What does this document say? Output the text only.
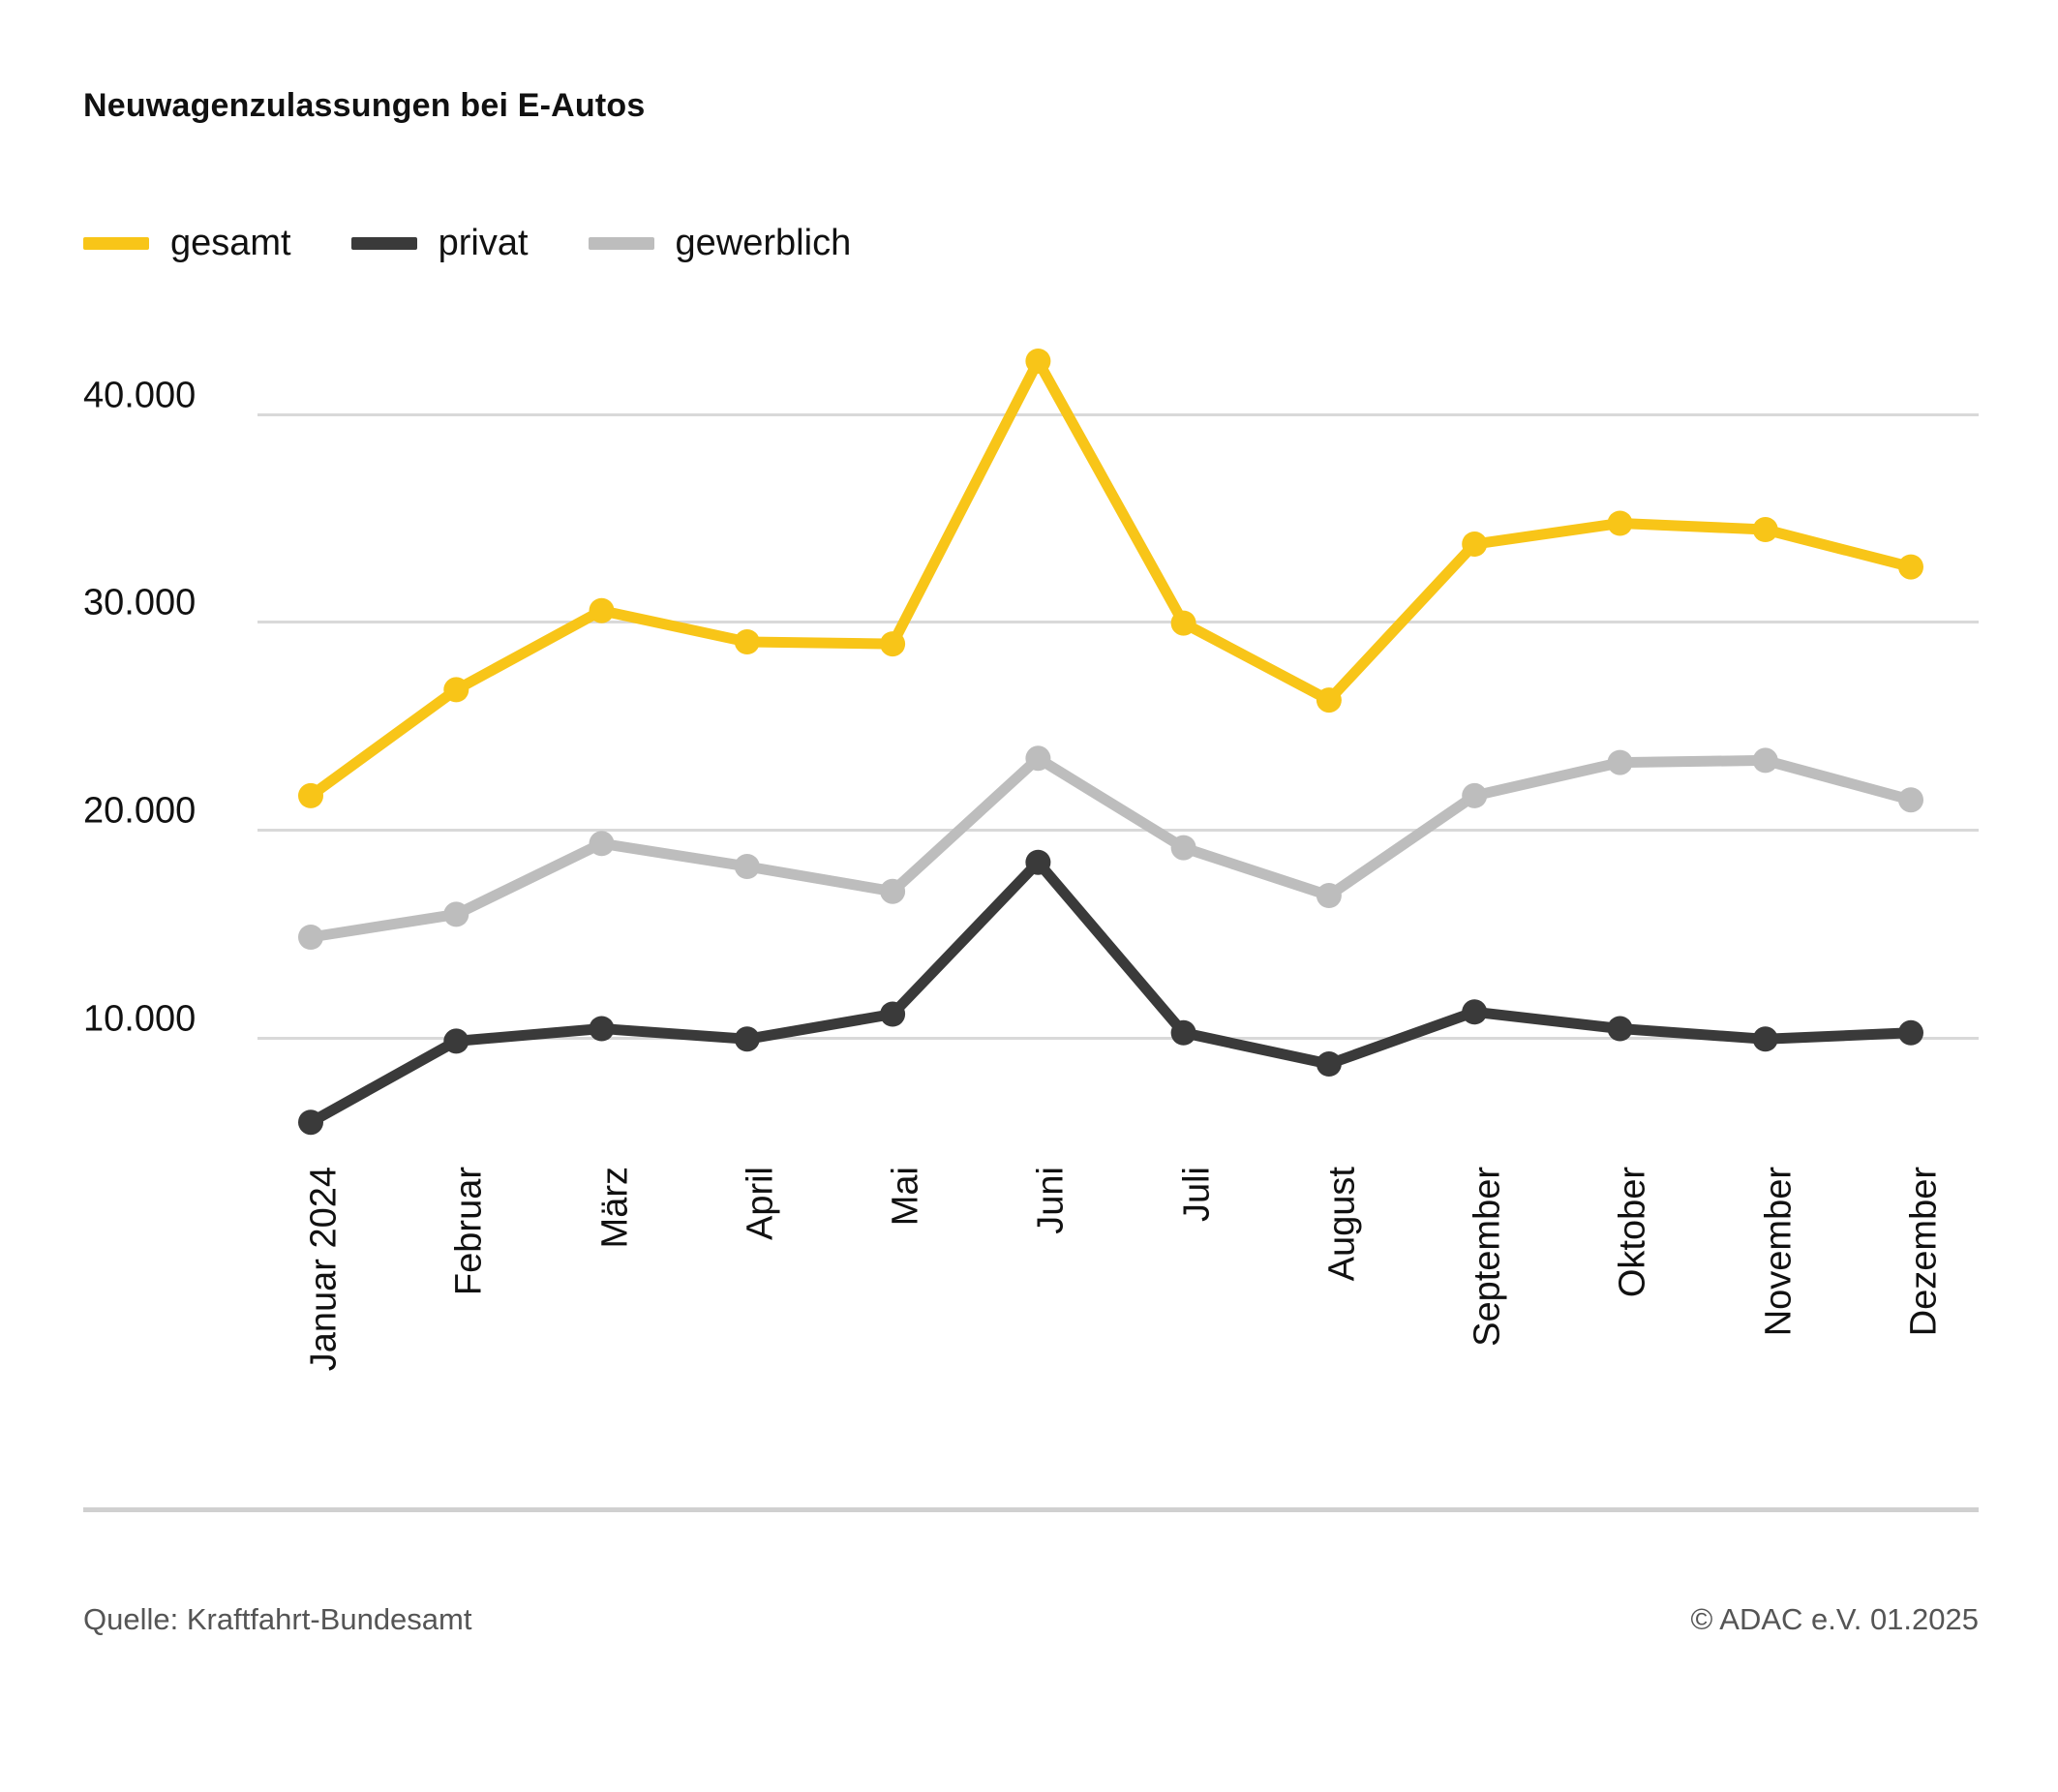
Neuwagenzulassungen bei E-Autos
gesamt	privat	gewerblich
10.000
20.000
30.000
40.000
Januar 2024	Februar	März	April	Mai	Juni	Juli	August	September	Oktober	November	Dezember
Quelle: Kraftfahrt-Bundesamt	© ADAC e.V. 01.2025
